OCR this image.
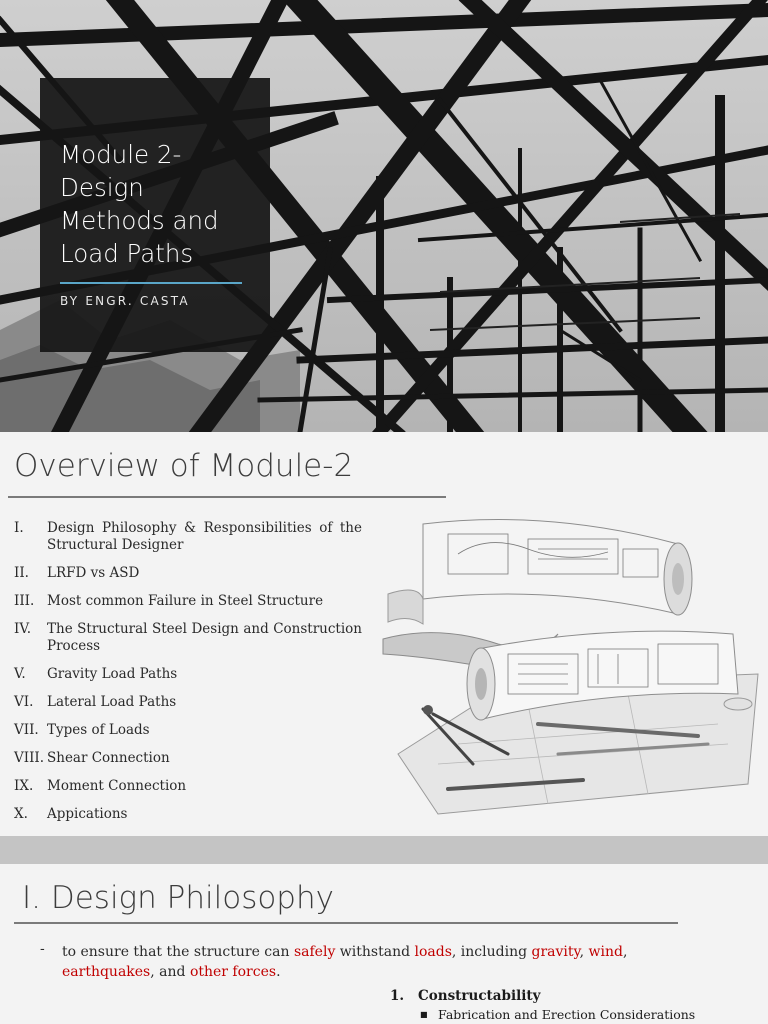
Module 2-
Design
Methods and
Load Paths
BY ENGR. CASTA
Overview of Module-2
I. Design Philosophy & Responsibilities of the Structural Designer
II. LRFD vs ASD
III. Most common Failure in Steel Structure
IV. The Structural Steel Design and Construction Process
V. Gravity Load Paths
VI. Lateral Load Paths
VII. Types of Loads
VIII. Shear Connection
IX. Moment Connection
X. Appications
I. Design Philosophy
- to ensure that the structure can safely withstand loads, including gravity, wind, earthquakes, and other forces.
1. Constructability
■ Fabrication and Erection Considerations
